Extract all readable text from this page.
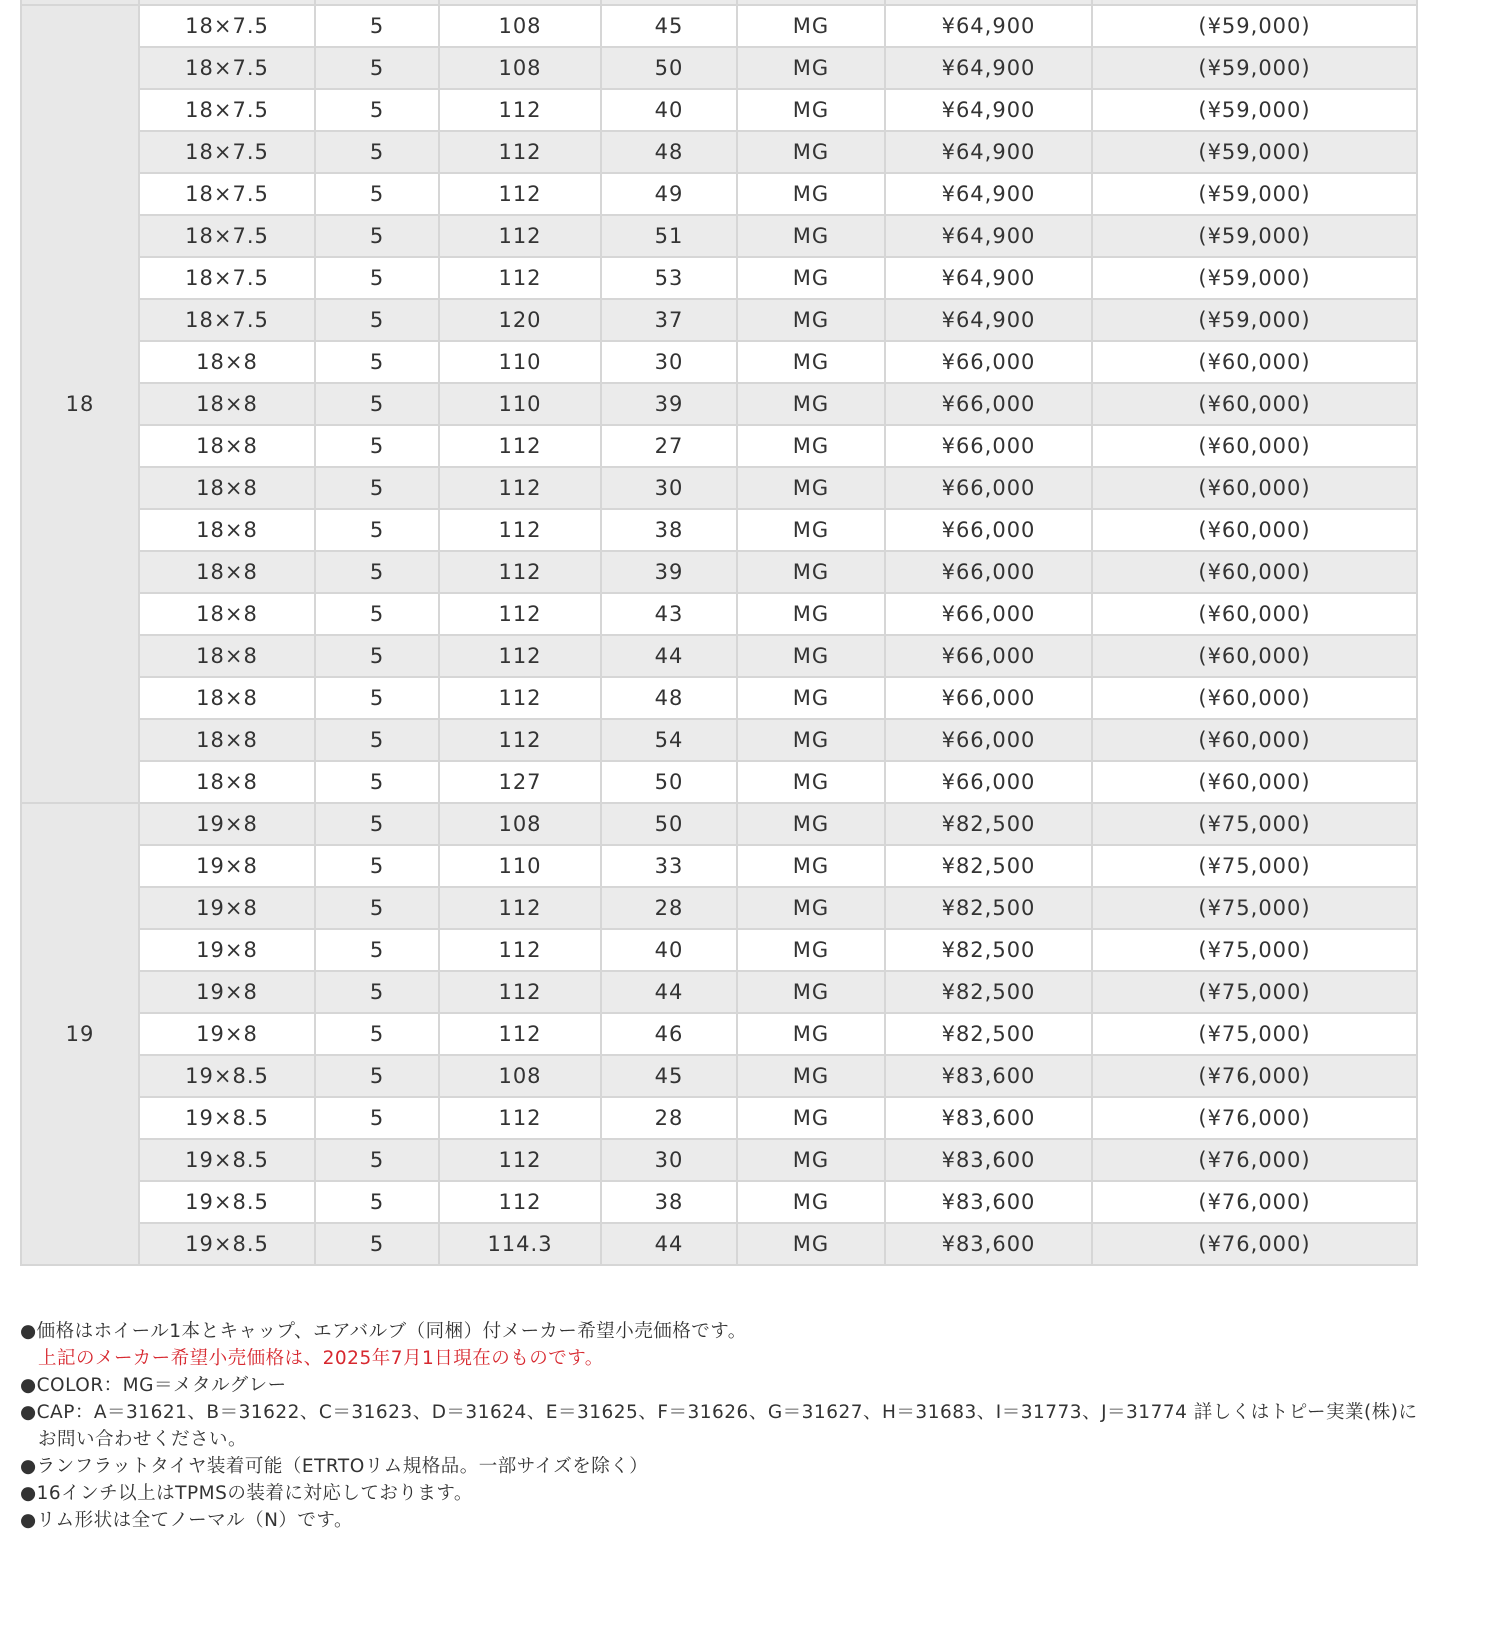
18	18×7.5	5	108	45	MG	¥64,900	(¥59,000)
	18×7.5	5	108	50	MG	¥64,900	(¥59,000)
	18×7.5	5	112	40	MG	¥64,900	(¥59,000)
	18×7.5	5	112	48	MG	¥64,900	(¥59,000)
	18×7.5	5	112	49	MG	¥64,900	(¥59,000)
	18×7.5	5	112	51	MG	¥64,900	(¥59,000)
	18×7.5	5	112	53	MG	¥64,900	(¥59,000)
	18×7.5	5	120	37	MG	¥64,900	(¥59,000)
	18×8	5	110	30	MG	¥66,000	(¥60,000)
	18×8	5	110	39	MG	¥66,000	(¥60,000)
	18×8	5	112	27	MG	¥66,000	(¥60,000)
	18×8	5	112	30	MG	¥66,000	(¥60,000)
	18×8	5	112	38	MG	¥66,000	(¥60,000)
	18×8	5	112	39	MG	¥66,000	(¥60,000)
	18×8	5	112	43	MG	¥66,000	(¥60,000)
	18×8	5	112	44	MG	¥66,000	(¥60,000)
	18×8	5	112	48	MG	¥66,000	(¥60,000)
	18×8	5	112	54	MG	¥66,000	(¥60,000)
	18×8	5	127	50	MG	¥66,000	(¥60,000)
19	19×8	5	108	50	MG	¥82,500	(¥75,000)
	19×8	5	110	33	MG	¥82,500	(¥75,000)
	19×8	5	112	28	MG	¥82,500	(¥75,000)
	19×8	5	112	40	MG	¥82,500	(¥75,000)
	19×8	5	112	44	MG	¥82,500	(¥75,000)
	19×8	5	112	46	MG	¥82,500	(¥75,000)
	19×8.5	5	108	45	MG	¥83,600	(¥76,000)
	19×8.5	5	112	28	MG	¥83,600	(¥76,000)
	19×8.5	5	112	30	MG	¥83,600	(¥76,000)
	19×8.5	5	112	38	MG	¥83,600	(¥76,000)
	19×8.5	5	114.3	44	MG	¥83,600	(¥76,000)
●価格はホイール1本とキャップ、エアバルブ（同梱）付メーカー希望小売価格です。
上記のメーカー希望小売価格は、2025年7月1日現在のものです。
●COLOR：MG＝メタルグレー
●CAP：A＝31621、B＝31622、C＝31623、D＝31624、E＝31625、F＝31626、G＝31627、H＝31683、I＝31773、J＝31774 詳しくはトピー実業(株)にお問い合わせください。
●ランフラットタイヤ装着可能（ETRTOリム規格品。一部サイズを除く）
●16インチ以上はTPMSの装着に対応しております。
●リム形状は全てノーマル（N）です。
